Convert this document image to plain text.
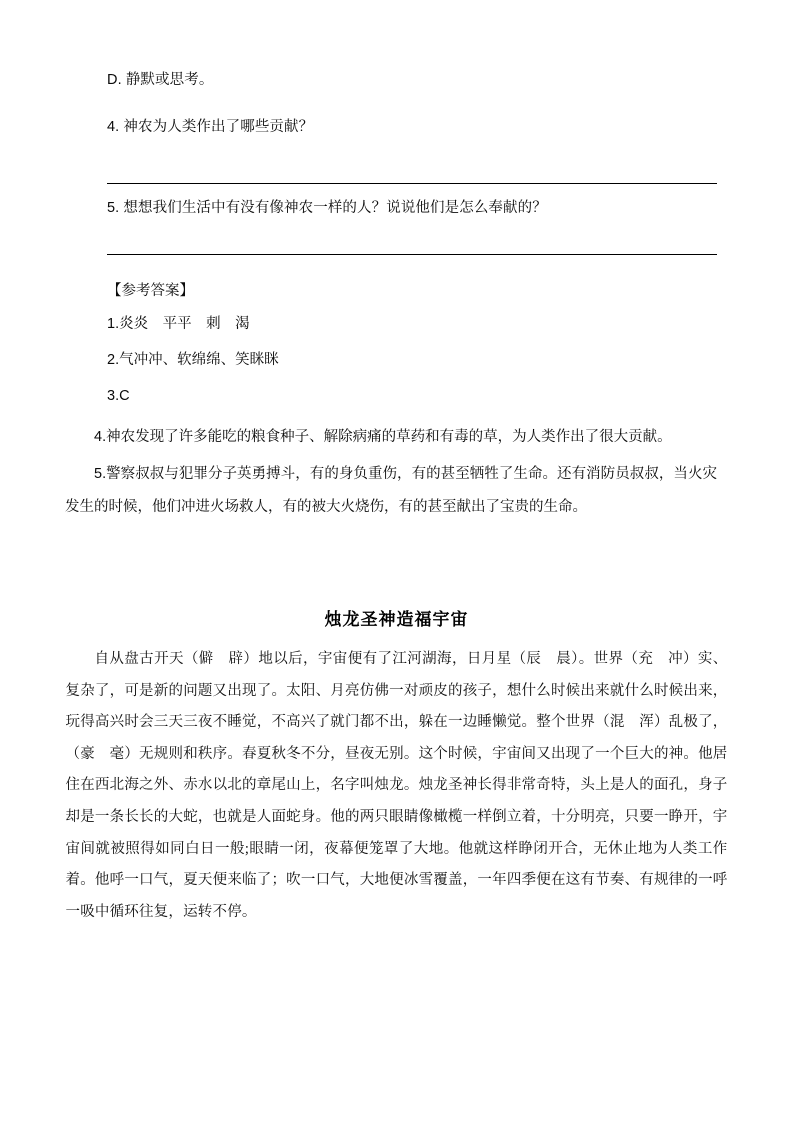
D. 静默或思考。

4. 神农为人类作出了哪些贡献？

5. 想想我们生活中有没有像神农一样的人？说说他们是怎么奉献的？

【参考答案】

1.炎炎　平平　刺　渴

2.气冲冲、软绵绵、笑眯眯

3.C

4.神农发现了许多能吃的粮食种子、解除病痛的草药和有毒的草，为人类作出了很大贡献。

5.警察叔叔与犯罪分子英勇搏斗，有的身负重伤，有的甚至牺牲了生命。还有消防员叔叔，当火灾发生的时候，他们冲进火场救人，有的被大火烧伤，有的甚至献出了宝贵的生命。

烛龙圣神造福宇宙

自从盘古开天（僻　辟）地以后，宇宙便有了江河湖海，日月星（辰　晨）。世界（充　冲）实、复杂了，可是新的问题又出现了。太阳、月亮仿佛一对顽皮的孩子，想什么时候出来就什么时候出来，玩得高兴时会三天三夜不睡觉，不高兴了就门都不出，躲在一边睡懒觉。整个世界（混　浑）乱极了，（豪　毫）无规则和秩序。春夏秋冬不分，昼夜无别。这个时候，宇宙间又出现了一个巨大的神。他居住在西北海之外、赤水以北的章尾山上，名字叫烛龙。烛龙圣神长得非常奇特，头上是人的面孔，身子却是一条长长的大蛇，也就是人面蛇身。他的两只眼睛像橄榄一样倒立着，十分明亮，只要一睁开，宇宙间就被照得如同白日一般;眼睛一闭，夜幕便笼罩了大地。他就这样睁闭开合，无休止地为人类工作着。他呼一口气，夏天便来临了；吹一口气，大地便冰雪覆盖，一年四季便在这有节奏、有规律的一呼一吸中循环往复，运转不停。
